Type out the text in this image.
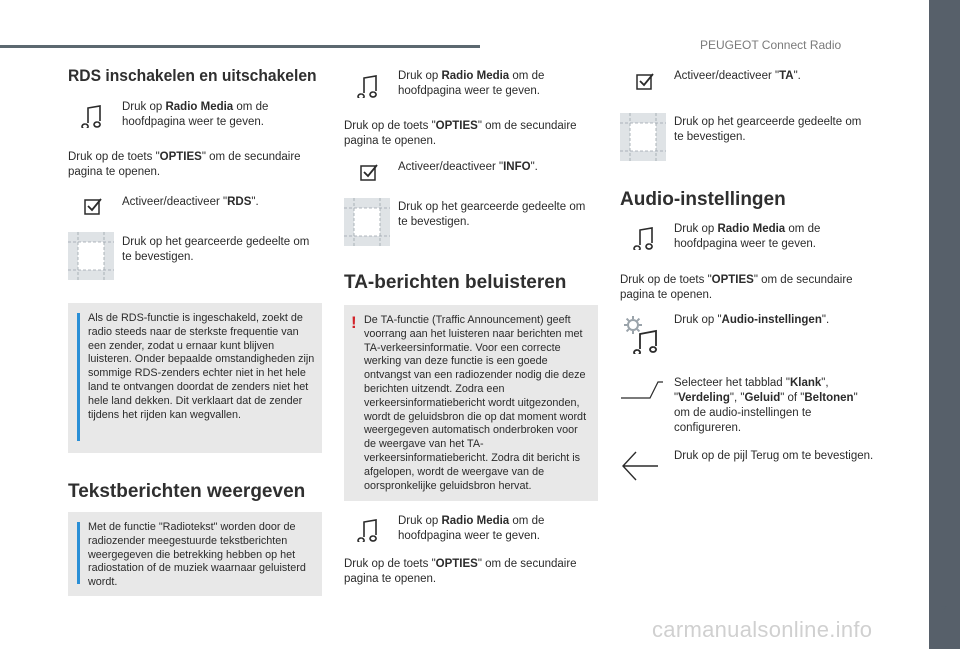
PEUGEOT Connect Radio
■
7
carmanualsonline.info
RDS inschakelen en uitschakelen
Druk op Radio Media om de hoofdpagina weer te geven.
Druk op de toets "OPTIES" om de secundaire pagina te openen.
Activeer/deactiveer "RDS".
Druk op het gearceerde gedeelte om te bevestigen.
Als de RDS-functie is ingeschakeld, zoekt de radio steeds naar de sterkste frequentie van een zender, zodat u ernaar kunt blijven luisteren. Onder bepaalde omstandigheden zijn sommige RDS-zenders echter niet in het hele land te ontvangen doordat de zenders niet het hele land dekken. Dit verklaart dat de zender tijdens het rijden kan wegvallen.
Tekstberichten weergeven
Met de functie "Radiotekst" worden door de radiozender meegestuurde tekstberichten weergegeven die betrekking hebben op het radiostation of de muziek waarnaar geluisterd wordt.
Druk op Radio Media om de hoofdpagina weer te geven.
Druk op de toets "OPTIES" om de secundaire pagina te openen.
Activeer/deactiveer "INFO".
Druk op het gearceerde gedeelte om te bevestigen.
TA-berichten beluisteren
! De TA-functie (Traffic Announcement) geeft voorrang aan het luisteren naar berichten met TA-verkeersinformatie. Voor een correcte werking van deze functie is een goede ontvangst van een radiozender nodig die deze berichten uitzendt. Zodra een verkeersinformatiebericht wordt uitgezonden, wordt de geluidsbron die op dat moment wordt weergegeven automatisch onderbroken voor de weergave van het TA-verkeersinformatiebericht. Zodra dit bericht is afgelopen, wordt de weergave van de oorspronkelijke geluidsbron hervat.
Druk op Radio Media om de hoofdpagina weer te geven.
Druk op de toets "OPTIES" om de secundaire pagina te openen.
Activeer/deactiveer "TA".
Druk op het gearceerde gedeelte om te bevestigen.
Audio-instellingen
Druk op Radio Media om de hoofdpagina weer te geven.
Druk op de toets "OPTIES" om de secundaire pagina te openen.
Druk op "Audio-instellingen".
Selecteer het tabblad "Klank", "Verdeling", "Geluid" of "Beltonen" om de audio-instellingen te configureren.
Druk op de pijl Terug om te bevestigen.
